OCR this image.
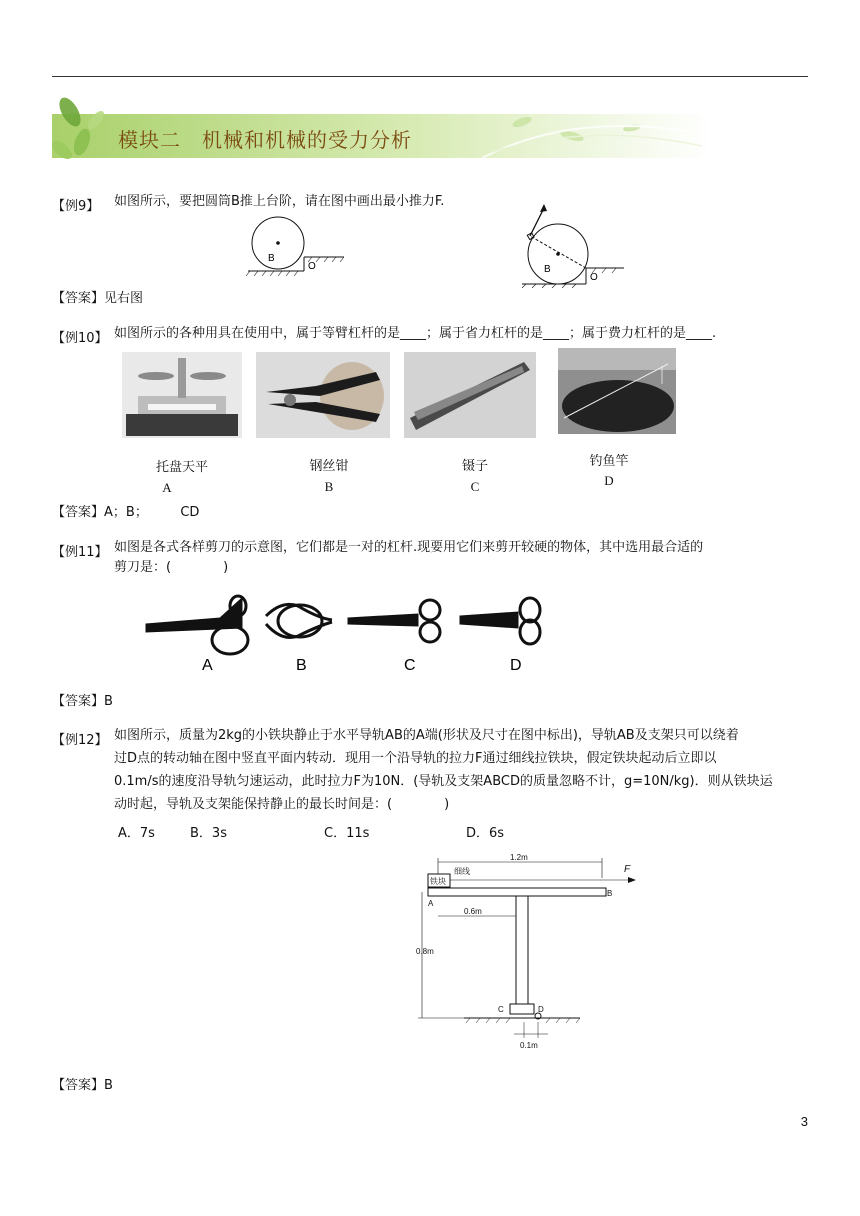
模块二　机械和机械的受力分析
【例9】 如图所示，要把圆筒B推上台阶，请在图中画出最小推力F.
B
O	B
O
【答案】见右图
【例10】 如图所示的各种用具在使用中，属于等臂杠杆的是____；属于省力杠杆的是____；属于费力杠杆的是____.
托盘天平
A
钢丝钳
B
镊子
C
钓鱼竿
D
【答案】A；B；　　　CD
【例11】 如图是各式各样剪刀的示意图，它们都是一对的杠杆.现要用它们来剪开较硬的物体，其中选用最合适的
剪刀是：(　　　　)
A	B	C	D
【答案】B
【例12】 如图所示，质量为2kg的小铁块静止于水平导轨AB的A端(形状及尺寸在图中标出)，导轨AB及支架只可以绕着
过D点的转动轴在图中竖直平面内转动．现用一个沿导轨的拉力F通过细线拉铁块，假定铁块起动后立即以
0.1m/s的速度沿导轨匀速运动，此时拉力F为10N．(导轨及支架ABCD的质量忽略不计，g=10N/kg)．则从铁块运
动时起，导轨及支架能保持静止的最长时间是：(　　　　)
A．7s	B．3s	C．11s	D．6s
1.2m
铁块
细线	F
A
B
0.6m
0.8m
C	D
0.1m
【答案】B
3
